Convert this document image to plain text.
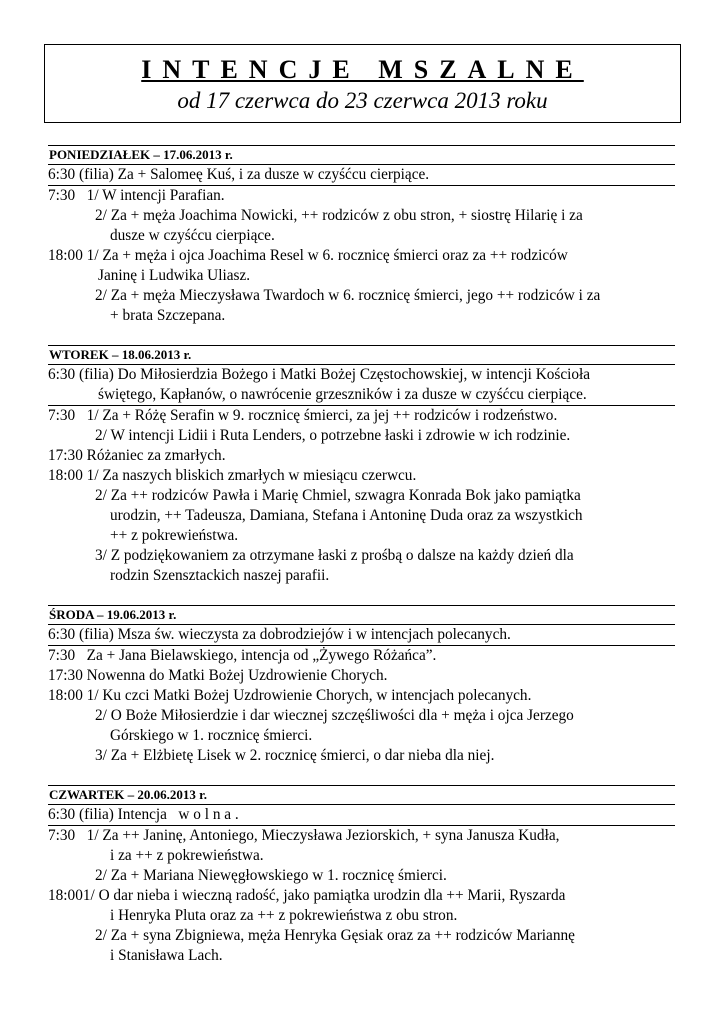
INTENCJE MSZALNE
od 17 czerwca do 23 czerwca 2013 roku
PONIEDZIAŁEK – 17.06.2013 r.
6:30 (filia) Za + Salomeę Kuś, i za dusze w czyśćcu cierpiące.
7:30   1/ W intencji Parafian.
2/ Za + męża Joachima Nowicki, ++ rodziców z obu stron, + siostrę Hilarię i za
dusze w czyśćcu cierpiące.
18:00 1/ Za + męża i ojca Joachima Resel w 6. rocznicę śmierci oraz za ++ rodziców
Janinę i Ludwika Uliasz.
2/ Za + męża Mieczysława Twardoch w 6. rocznicę śmierci, jego ++ rodziców i za
+ brata Szczepana.
WTOREK – 18.06.2013 r.
6:30 (filia) Do Miłosierdzia Bożego i Matki Bożej Częstochowskiej, w intencji Kościoła
świętego, Kapłanów, o nawrócenie grzeszników i za dusze w czyśćcu cierpiące.
7:30   1/ Za + Różę Serafin w 9. rocznicę śmierci, za jej ++ rodziców i rodzeństwo.
2/ W intencji Lidii i Ruta Lenders, o potrzebne łaski i zdrowie w ich rodzinie.
17:30 Różaniec za zmarłych.
18:00 1/ Za naszych bliskich zmarłych w miesiącu czerwcu.
2/ Za ++ rodziców Pawła i Marię Chmiel, szwagra Konrada Bok jako pamiątka
urodzin, ++ Tadeusza, Damiana, Stefana i Antoninę Duda oraz za wszystkich
++ z pokrewieństwa.
3/ Z podziękowaniem za otrzymane łaski z prośbą o dalsze na każdy dzień dla
rodzin Szensztackich naszej parafii.
ŚRODA – 19.06.2013 r.
6:30 (filia) Msza św. wieczysta za dobrodziejów i w intencjach polecanych.
7:30   Za + Jana Bielawskiego, intencja od „Żywego Różańca”.
17:30 Nowenna do Matki Bożej Uzdrowienie Chorych.
18:00 1/ Ku czci Matki Bożej Uzdrowienie Chorych, w intencjach polecanych.
2/ O Boże Miłosierdzie i dar wiecznej szczęśliwości dla + męża i ojca Jerzego
Górskiego w 1. rocznicę śmierci.
3/ Za + Elżbietę Lisek w 2. rocznicę śmierci, o dar nieba dla niej.
CZWARTEK – 20.06.2013 r.
6:30 (filia) Intencja   w o l n a .
7:30   1/ Za ++ Janinę, Antoniego, Mieczysława Jeziorskich, + syna Janusza Kudła,
i za ++ z pokrewieństwa.
2/ Za + Mariana Niewęgłowskiego w 1. rocznicę śmierci.
18:001/ O dar nieba i wieczną radość, jako pamiątka urodzin dla ++ Marii, Ryszarda
i Henryka Pluta oraz za ++ z pokrewieństwa z obu stron.
2/ Za + syna Zbigniewa, męża Henryka Gęsiak oraz za ++ rodziców Mariannę
i Stanisława Lach.
